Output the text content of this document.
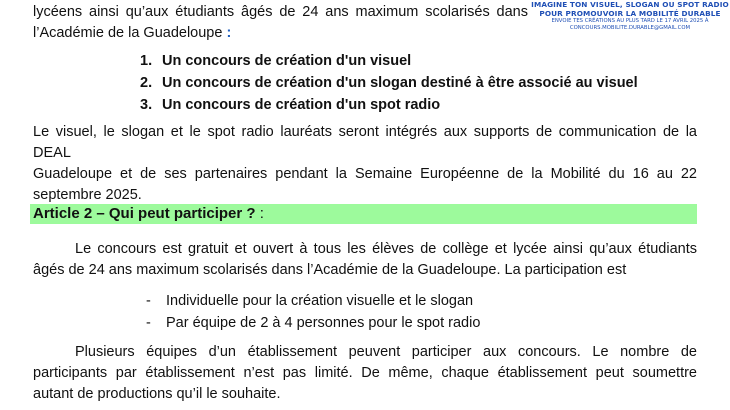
IMAGINE TON VISUEL, SLOGAN OU SPOT RADIO
POUR PROMOUVOIR LA MOBILITÉ DURABLE
ENVOIE TES CRÉATIONS AU PLUS TARD LE 17 AVRIL 2025 À
CONCOURS.MOBILITE.DURABLE@GMAIL.COM
lycéens ainsi qu’aux étudiants âgés de 24 ans maximum scolarisés dans
l’Académie de la Guadeloupe :
1. Un concours de création d'un visuel
2. Un concours de création d'un slogan destiné à être associé au visuel
3. Un concours de création d'un spot radio
Le visuel, le slogan et le spot radio lauréats seront intégrés aux supports de communication de la DEAL
Guadeloupe et de ses partenaires pendant la Semaine Européenne de la Mobilité du 16 au 22
septembre 2025.
Article 2 – Qui peut participer ? :
Le concours est gratuit et ouvert à tous les élèves de collège et lycée ainsi qu’aux étudiants
âgés de 24 ans maximum scolarisés dans l’Académie de la Guadeloupe. La participation est
- Individuelle pour la création visuelle et le slogan
- Par équipe de 2 à 4 personnes pour le spot radio
Plusieurs équipes d’un établissement peuvent participer aux concours. Le nombre de
participants par établissement n’est pas limité. De même, chaque établissement peut soumettre
autant de productions qu’il le souhaite.
